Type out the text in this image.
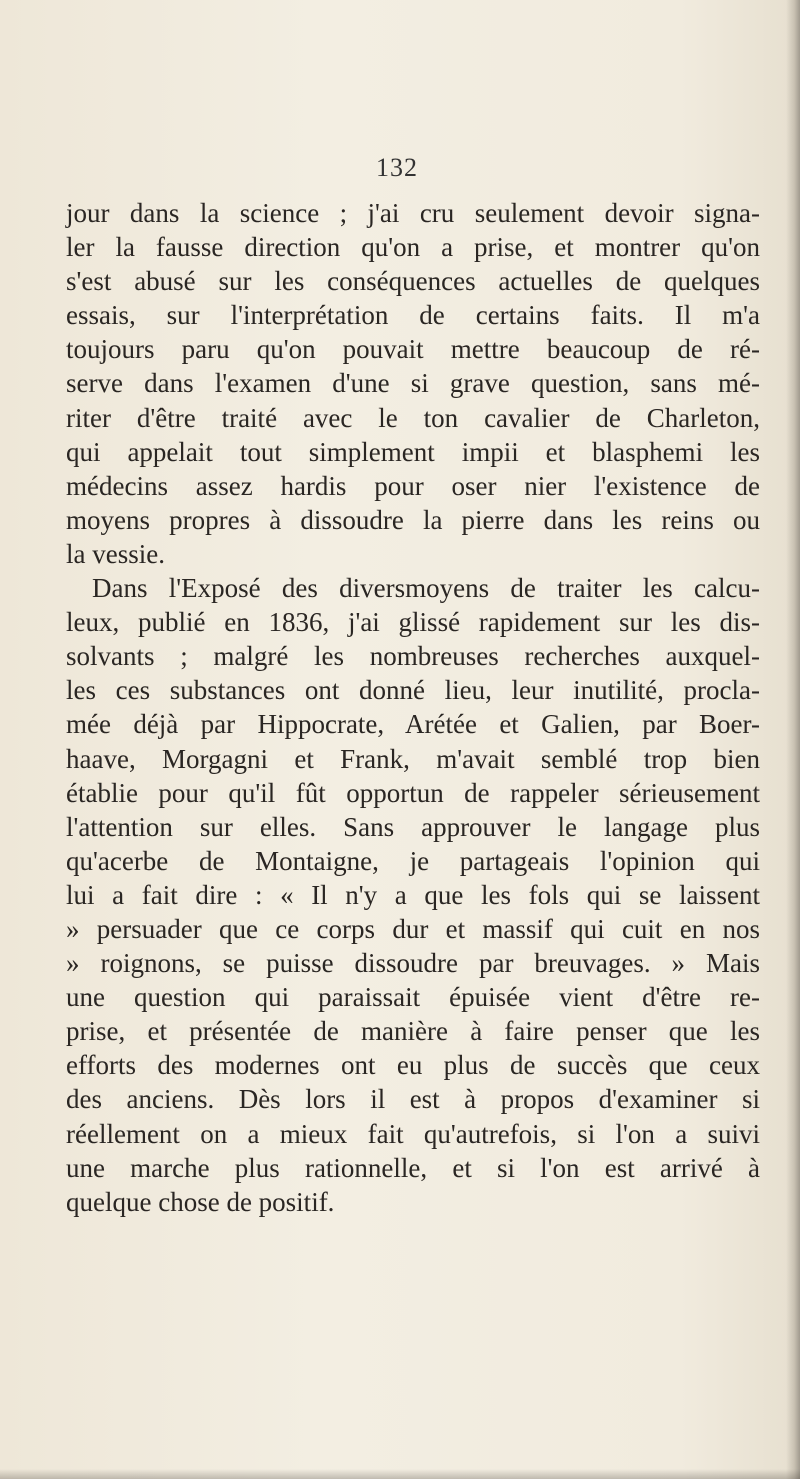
132
jour dans la science ; j'ai cru seulement devoir signa-
ler la fausse direction qu'on a prise, et montrer qu'on
s'est abusé sur les conséquences actuelles de quelques
essais, sur l'interprétation de certains faits. Il m'a
toujours paru qu'on pouvait mettre beaucoup de ré-
serve dans l'examen d'une si grave question, sans mé-
riter d'être traité avec le ton cavalier de Charleton,
qui appelait tout simplement impii et blasphemi les
médecins assez hardis pour oser nier l'existence de
moyens propres à dissoudre la pierre dans les reins ou
la vessie.
Dans l'Exposé des diversmoyens de traiter les calcu-
leux, publié en 1836, j'ai glissé rapidement sur les dis-
solvants ; malgré les nombreuses recherches auxquel-
les ces substances ont donné lieu, leur inutilité, procla-
mée déjà par Hippocrate, Arétée et Galien, par Boer-
haave, Morgagni et Frank, m'avait semblé trop bien
établie pour qu'il fût opportun de rappeler sérieusement
l'attention sur elles. Sans approuver le langage plus
qu'acerbe de Montaigne, je partageais l'opinion qui
lui a fait dire : « Il n'y a que les fols qui se laissent
» persuader que ce corps dur et massif qui cuit en nos
» roignons, se puisse dissoudre par breuvages. » Mais
une question qui paraissait épuisée vient d'être re-
prise, et présentée de manière à faire penser que les
efforts des modernes ont eu plus de succès que ceux
des anciens. Dès lors il est à propos d'examiner si
réellement on a mieux fait qu'autrefois, si l'on a suivi
une marche plus rationnelle, et si l'on est arrivé à
quelque chose de positif.
